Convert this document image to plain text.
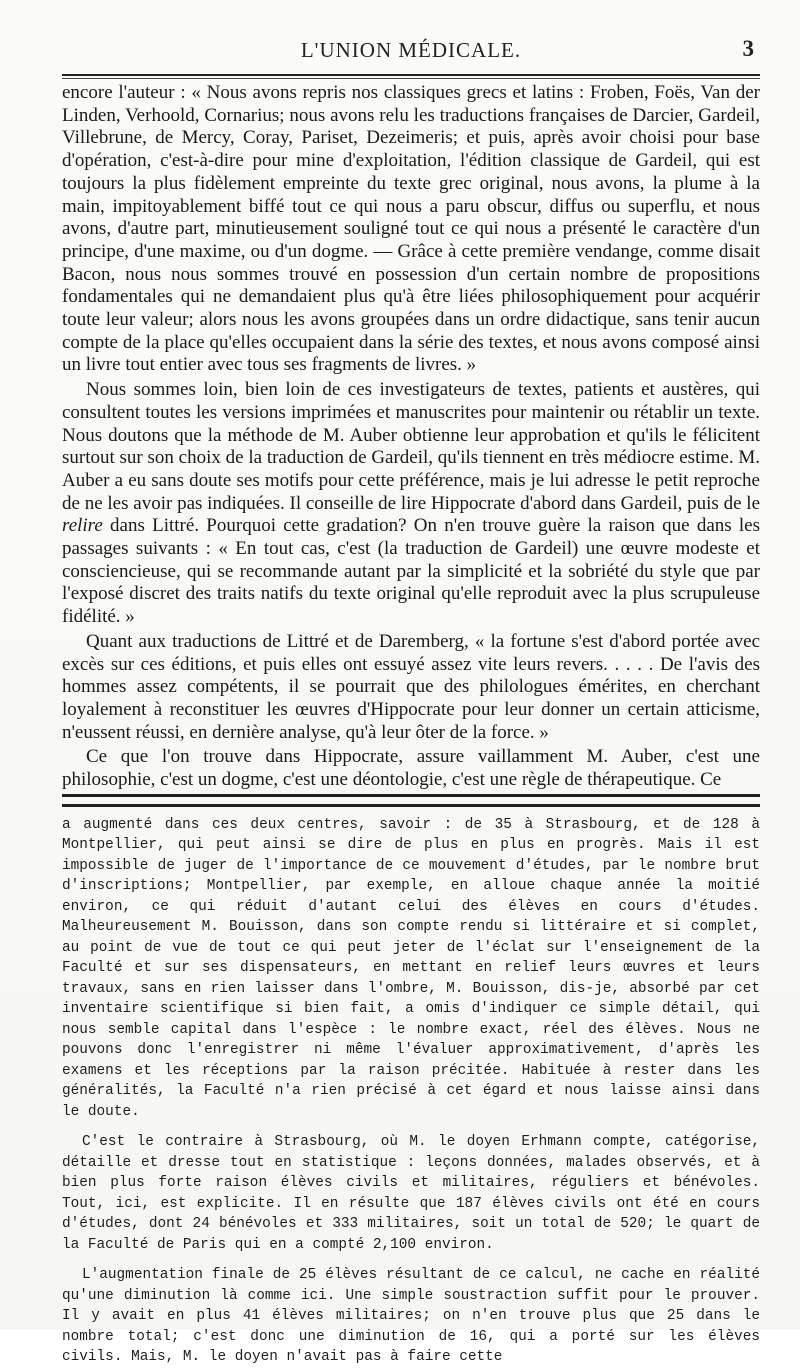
L'UNION MÉDICALE.	3

encore l'auteur : « Nous avons repris nos classiques grecs et latins : Froben, Foës, Van der Linden, Verhoold, Cornarius; nous avons relu les traductions françaises de Darcier, Gardeil, Villebrune, de Mercy, Coray, Pariset, Dezeimeris; et puis, après avoir choisi pour base d'opération, c'est-à-dire pour mine d'exploitation, l'édition classique de Gardeil, qui est toujours la plus fidèlement empreinte du texte grec original, nous avons, la plume à la main, impitoyablement biffé tout ce qui nous a paru obscur, diffus ou superflu, et nous avons, d'autre part, minutieusement souligné tout ce qui nous a présenté le caractère d'un principe, d'une maxime, ou d'un dogme. — Grâce à cette première vendange, comme disait Bacon, nous nous sommes trouvé en possession d'un certain nombre de propositions fondamentales qui ne demandaient plus qu'à être liées philosophiquement pour acquérir toute leur valeur; alors nous les avons groupées dans un ordre didactique, sans tenir aucun compte de la place qu'elles occupaient dans la série des textes, et nous avons composé ainsi un livre tout entier avec tous ses fragments de livres. »

Nous sommes loin, bien loin de ces investigateurs de textes, patients et austères, qui consultent toutes les versions imprimées et manuscrites pour maintenir ou rétablir un texte. Nous doutons que la méthode de M. Auber obtienne leur approbation et qu'ils le félicitent surtout sur son choix de la traduction de Gardeil, qu'ils tiennent en très médiocre estime. M. Auber a eu sans doute ses motifs pour cette préférence, mais je lui adresse le petit reproche de ne les avoir pas indiquées. Il conseille de lire Hippocrate d'abord dans Gardeil, puis de le relire dans Littré. Pourquoi cette gradation? On n'en trouve guère la raison que dans les passages suivants : « En tout cas, c'est (la traduction de Gardeil) une œuvre modeste et consciencieuse, qui se recommande autant par la simplicité et la sobriété du style que par l'exposé discret des traits natifs du texte original qu'elle reproduit avec la plus scrupuleuse fidélité. »

Quant aux traductions de Littré et de Daremberg, « la fortune s'est d'abord portée avec excès sur ces éditions, et puis elles ont essuyé assez vite leurs revers. . . . . De l'avis des hommes assez compétents, il se pourrait que des philologues émérites, en cherchant loyalement à reconstituer les œuvres d'Hippocrate pour leur donner un certain atticisme, n'eussent réussi, en dernière analyse, qu'à leur ôter de la force. »

Ce que l'on trouve dans Hippocrate, assure vaillamment M. Auber, c'est une philosophie, c'est un dogme, c'est une déontologie, c'est une règle de thérapeutique. Ce

a augmenté dans ces deux centres, savoir : de 35 à Strasbourg, et de 128 à Montpellier, qui peut ainsi se dire de plus en plus en progrès. Mais il est impossible de juger de l'importance de ce mouvement d'études, par le nombre brut d'inscriptions; Montpellier, par exemple, en alloue chaque année la moitié environ, ce qui réduit d'autant celui des élèves en cours d'études. Malheureusement M. Bouisson, dans son compte rendu si littéraire et si complet, au point de vue de tout ce qui peut jeter de l'éclat sur l'enseignement de la Faculté et sur ses dispensateurs, en mettant en relief leurs œuvres et leurs travaux, sans en rien laisser dans l'ombre, M. Bouisson, dis-je, absorbé par cet inventaire scientifique si bien fait, a omis d'indiquer ce simple détail, qui nous semble capital dans l'espèce : le nombre exact, réel des élèves. Nous ne pouvons donc l'enregistrer ni même l'évaluer approximativement, d'après les examens et les réceptions par la raison précitée. Habituée à rester dans les généralités, la Faculté n'a rien précisé à cet égard et nous laisse ainsi dans le doute.

C'est le contraire à Strasbourg, où M. le doyen Erhmann compte, catégorise, détaille et dresse tout en statistique : leçons données, malades observés, et à bien plus forte raison élèves civils et militaires, réguliers et bénévoles. Tout, ici, est explicite. Il en résulte que 187 élèves civils ont été en cours d'études, dont 24 bénévoles et 333 militaires, soit un total de 520; le quart de la Faculté de Paris qui en a compté 2,100 environ.

L'augmentation finale de 25 élèves résultant de ce calcul, ne cache en réalité qu'une diminution là comme ici. Une simple soustraction suffit pour le prouver. Il y avait en plus 41 élèves militaires; on n'en trouve plus que 25 dans le nombre total; c'est donc une diminution de 16, qui a porté sur les élèves civils. Mais, M. le doyen n'avait pas à faire cette
